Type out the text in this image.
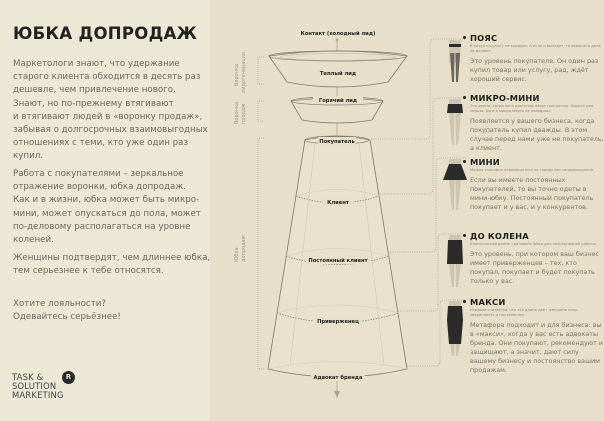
ЮБКА ДОПРОДАЖ

Маркетологи знают, что удержание
старого клиента обходится в десять раз
дешевле, чем привлечение нового.
Знают, но по-прежнему втягивают
и втягивают людей в «воронку продаж»,
забывая о долгосрочных взаимовыгодных
отношениях с теми, кто уже один раз купил.

Работа с покупателями – зеркальное
отражение воронки, юбка допродаж.
Как и в жизни, юбка может быть микро-
мини, может опускаться до пола, может
по-деловому располагаться на уровне
коленей.

Женщины подтвердят, чем длиннее юбка,
тем серьезнее к тебе относятся.

Хотите лояльности?
Одевайтесь серьёзнее!

TASK &
SOLUTION
MARKETING
R
Контакт (холодный лид)
Теплый лид
Горячий лид
Покупатель
Клиент
Постоянный клиент
Приверженец
Адвокат бренда
Воронка лидогенерации
Воронка продаж
Юбка допродаж
ПОЯС
В поясе на улицу не выходят. А если и выходят, то хорошего дела не делают
Это уровень покупателя. Он один раз купил товар или услугу, рад, ждёт хороший сервис.
МИКРО-МИНИ
Это длина, когда ноги доступны взору полностью. Короче уже нельзя. Да и в микро много не находишь.
Появляется у вашего бизнеса, когда покупатель купил дважды. В этом случае перед нами уже не покупатель, а клиент.
МИНИ
Можно спокойно перемещаться по городу без сопровождения.
Если вы имеете постоянных покупателей, то вы точно одеты в мини-юбку. Постоянный покупатель покупает и у вас, и у конкурентов.
ДО КОЛЕНА
Классическая длина «деловой» юбки для повседневной работы.
Это уровень, при котором ваш бизнес имеет приверженцев – тех, кто покупал, покупает и будет покупать только у вас.
МАКСИ
Издавна считается, что эта длина дает женщине силу, уверенность и постоянство.
Метафора подходит и для бизнеса: вы в «макси», когда у вас есть адвокаты бренда. Они покупают, рекомендуют и защищают, а значит, дают силу вашему бизнесу и постоянство вашим продажам.
